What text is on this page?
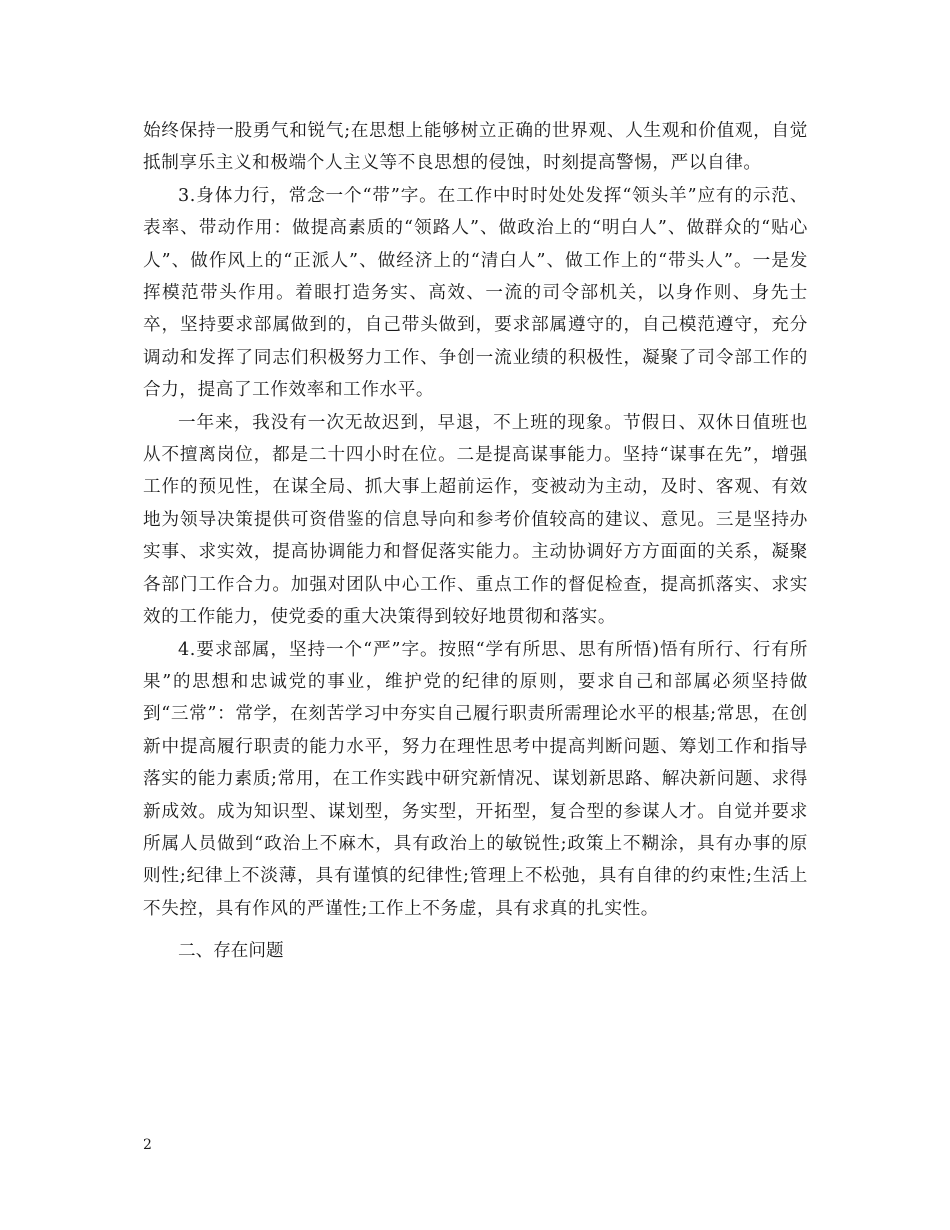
始终保持一股勇气和锐气;在思想上能够树立正确的世界观、人生观和价值观，自觉抵制享乐主义和极端个人主义等不良思想的侵蚀，时刻提高警惕，严以自律。

3.身体力行，常念一个“带”字。在工作中时时处处发挥“领头羊”应有的示范、表率、带动作用：做提高素质的“领路人”、做政治上的“明白人”、做群众的“贴心人”、做作风上的“正派人”、做经济上的“清白人”、做工作上的“带头人”。一是发挥模范带头作用。着眼打造务实、高效、一流的司令部机关，以身作则、身先士卒，坚持要求部属做到的，自己带头做到，要求部属遵守的，自己模范遵守，充分调动和发挥了同志们积极努力工作、争创一流业绩的积极性，凝聚了司令部工作的合力，提高了工作效率和工作水平。

一年来，我没有一次无故迟到，早退，不上班的现象。节假日、双休日值班也从不擅离岗位，都是二十四小时在位。二是提高谋事能力。坚持“谋事在先”，增强工作的预见性，在谋全局、抓大事上超前运作，变被动为主动，及时、客观、有效地为领导决策提供可资借鉴的信息导向和参考价值较高的建议、意见。三是坚持办实事、求实效，提高协调能力和督促落实能力。主动协调好方方面面的关系，凝聚各部门工作合力。加强对团队中心工作、重点工作的督促检查，提高抓落实、求实效的工作能力，使党委的重大决策得到较好地贯彻和落实。

4.要求部属，坚持一个“严”字。按照“学有所思、思有所悟)悟有所行、行有所果”的思想和忠诚党的事业，维护党的纪律的原则，要求自己和部属必须坚持做到“三常”：常学，在刻苦学习中夯实自己履行职责所需理论水平的根基;常思，在创新中提高履行职责的能力水平，努力在理性思考中提高判断问题、筹划工作和指导落实的能力素质;常用，在工作实践中研究新情况、谋划新思路、解决新问题、求得新成效。成为知识型、谋划型，务实型，开拓型，复合型的参谋人才。自觉并要求所属人员做到“政治上不麻木，具有政治上的敏锐性;政策上不糊涂，具有办事的原则性;纪律上不淡薄，具有谨慎的纪律性;管理上不松弛，具有自律的约束性;生活上不失控，具有作风的严谨性;工作上不务虚，具有求真的扎实性。

二、存在问题

2
